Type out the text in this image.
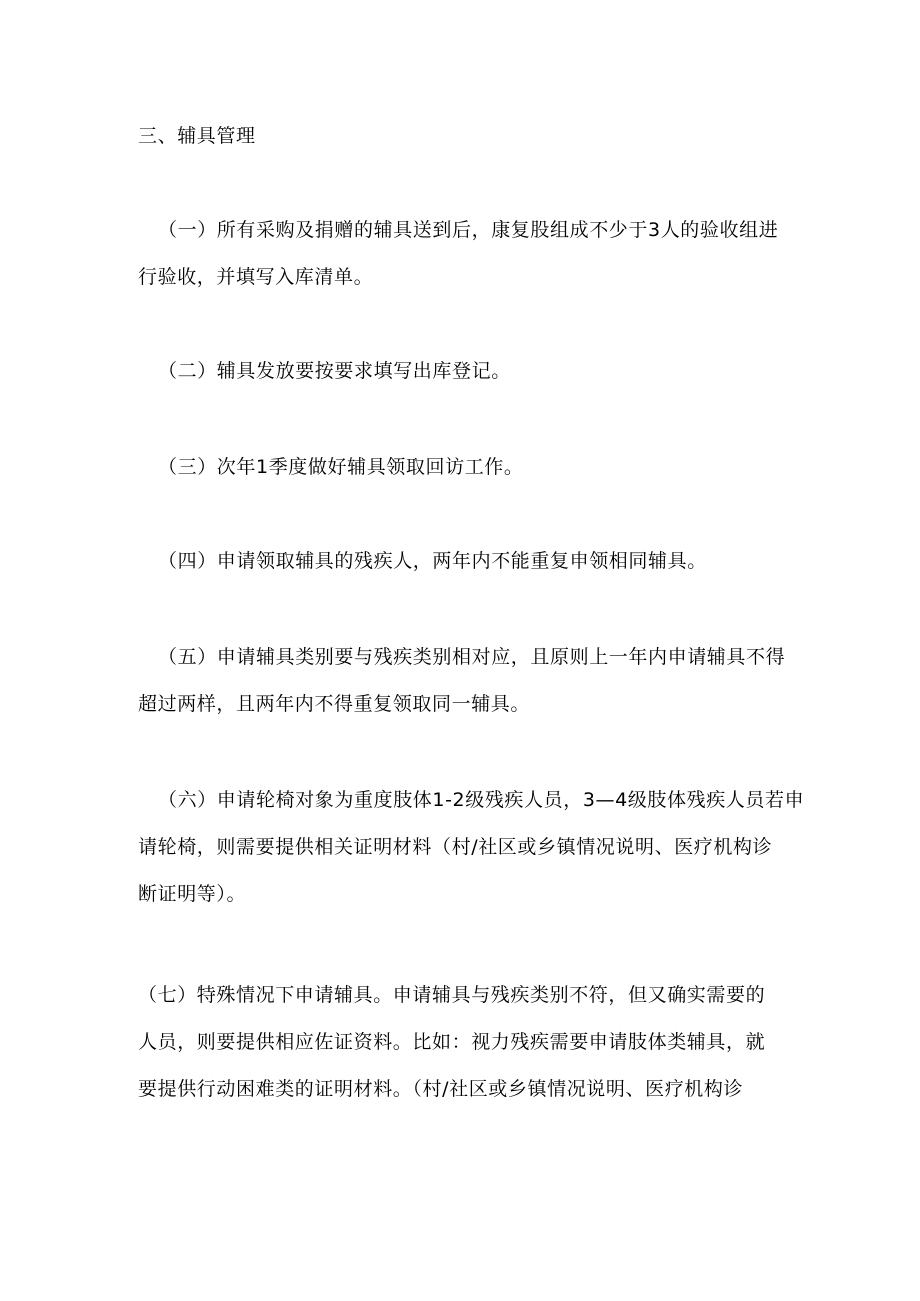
三、辅具管理
（一）所有采购及捐赠的辅具送到后，康复股组成不少于3人的验收组进
行验收，并填写入库清单。
（二）辅具发放要按要求填写出库登记。
（三）次年1季度做好辅具领取回访工作。
（四）申请领取辅具的残疾人，两年内不能重复申领相同辅具。
（五）申请辅具类别要与残疾类别相对应，且原则上一年内申请辅具不得
超过两样，且两年内不得重复领取同一辅具。
（六）申请轮椅对象为重度肢体1-2级残疾人员，3—4级肢体残疾人员若申
请轮椅，则需要提供相关证明材料（村/社区或乡镇情况说明、医疗机构诊
断证明等）。
（七）特殊情况下申请辅具。申请辅具与残疾类别不符，但又确实需要的
人员，则要提供相应佐证资料。比如：视力残疾需要申请肢体类辅具，就
要提供行动困难类的证明材料。（村/社区或乡镇情况说明、医疗机构诊
